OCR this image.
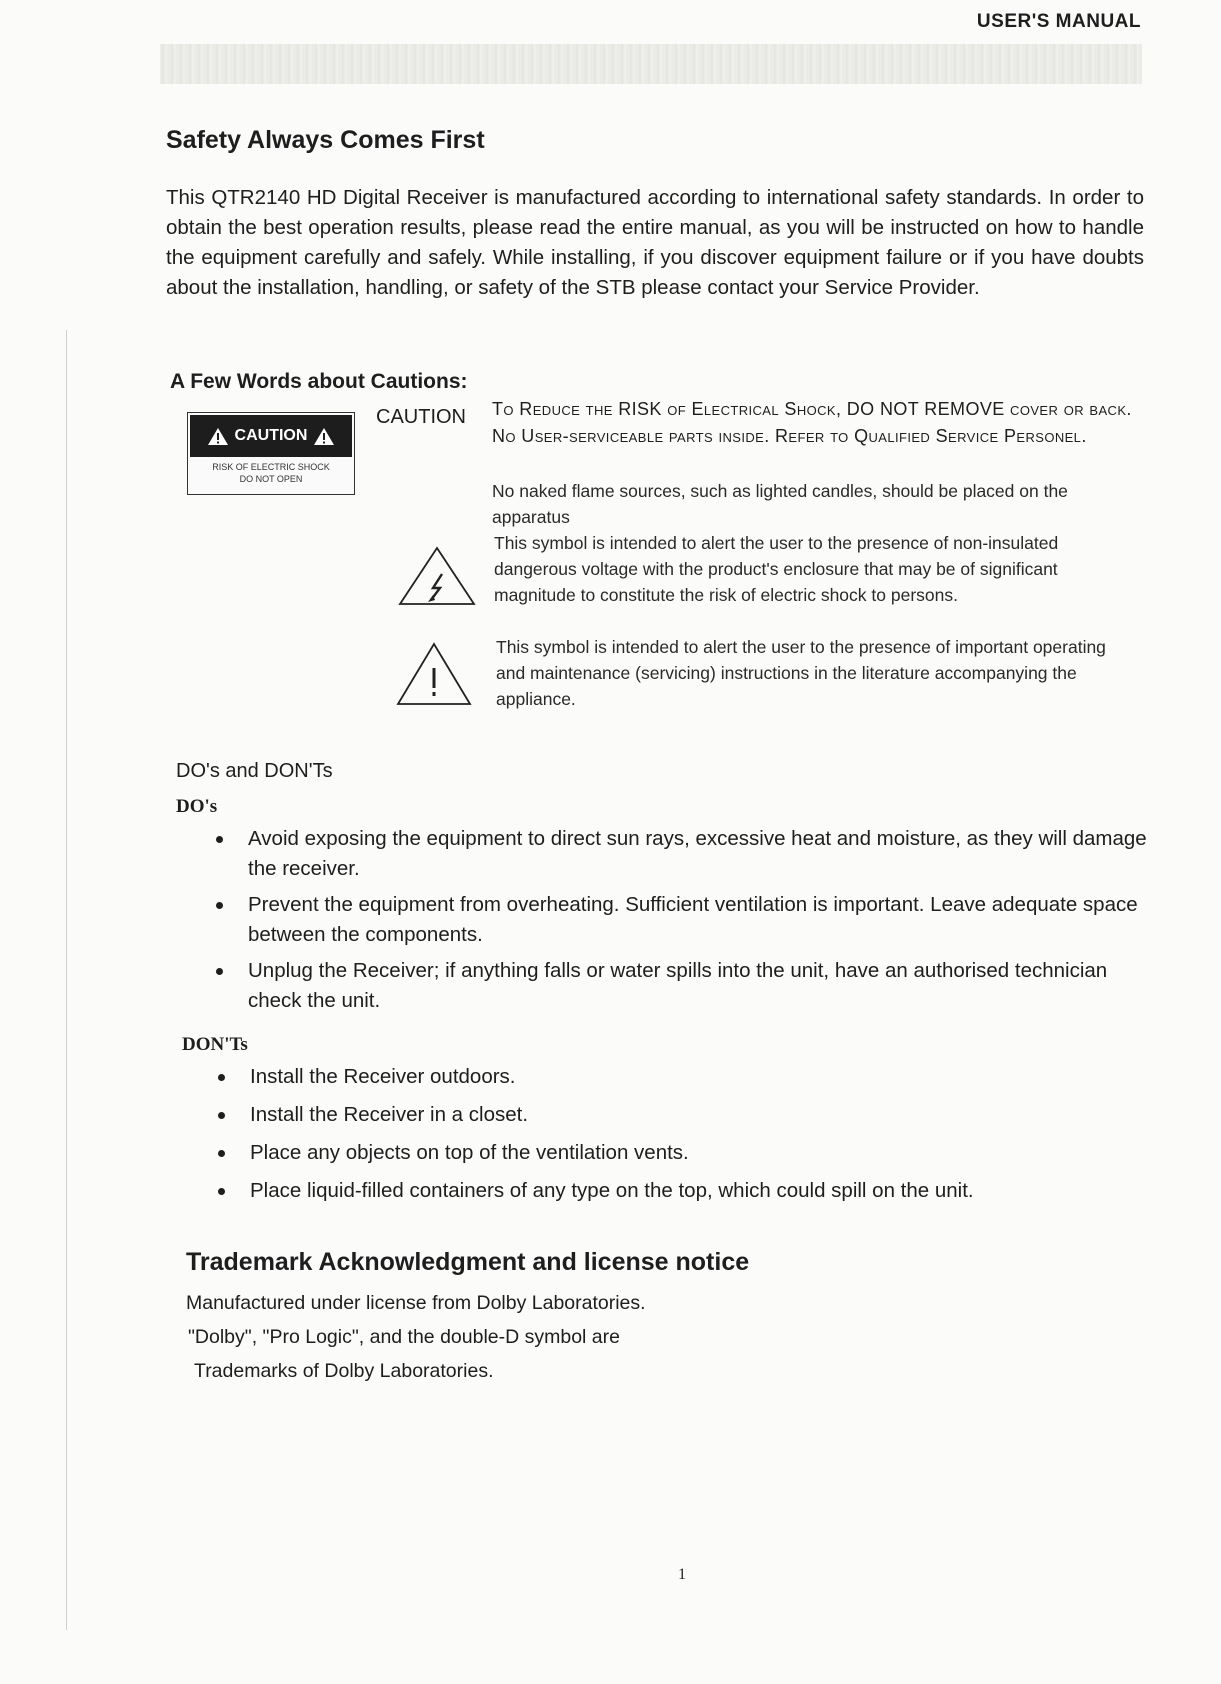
USER'S MANUAL
Safety Always Comes First

This QTR2140 HD Digital Receiver is manufactured according to international safety standards. In order to obtain the best operation results, please read the entire manual, as you will be instructed on how to handle the equipment carefully and safely. While installing, if you discover equipment failure or if you have doubts about the installation, handling, or safety of the STB please contact your Service Provider.

A Few Words about Cautions:
CAUTION
RISK OF ELECTRIC SHOCK
DO NOT OPEN

CAUTION To Reduce the RISK of Electrical Shock, DO NOT REMOVE cover or back. No User-serviceable parts inside. Refer to Qualified Service Personel.

No naked flame sources, such as lighted candles, should be placed on the apparatus

This symbol is intended to alert the user to the presence of non-insulated dangerous voltage with the product's enclosure that may be of significant magnitude to constitute the risk of electric shock to persons.

This symbol is intended to alert the user to the presence of important operating and maintenance (servicing) instructions in the literature accompanying the appliance.

DO's and DON'Ts

DO's

Avoid exposing the equipment to direct sun rays, excessive heat and moisture, as they will damage the receiver.
Prevent the equipment from overheating. Sufficient ventilation is important. Leave adequate space between the components.
Unplug the Receiver; if anything falls or water spills into the unit, have an authorised technician check the unit.

DON'Ts

Install the Receiver outdoors.
Install the Receiver in a closet.
Place any objects on top of the ventilation vents.
Place liquid-filled containers of any type on the top, which could spill on the unit.
Trademark Acknowledgment and license notice

Manufactured under license from Dolby Laboratories.

"Dolby", "Pro Logic", and the double-D symbol are

Trademarks of Dolby Laboratories.

1
